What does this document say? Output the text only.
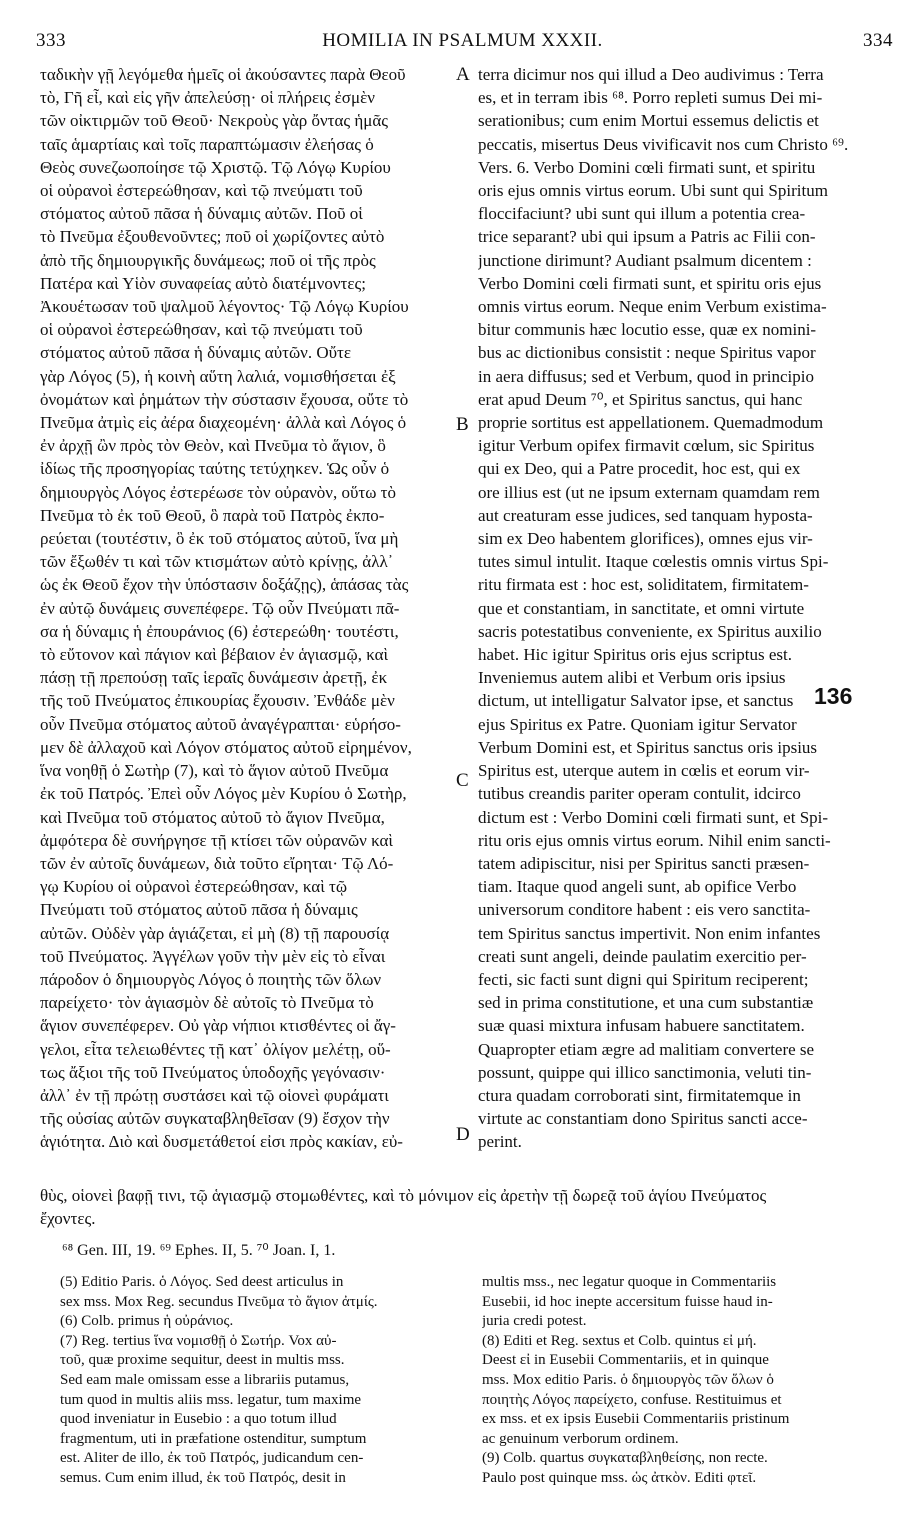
333	HOMILIA IN PSALMUM XXXII.	334
ταδικὴν γῇ λεγόμεθα ἡμεῖς οἱ ἀκούσαντες παρὰ Θεοῦ
τὸ, Γῆ εἶ, καὶ εἰς γῆν ἀπελεύσῃ· οἱ πλήρεις ἐσμὲν
τῶν οἰκτιρμῶν τοῦ Θεοῦ· Νεκροὺς γὰρ ὄντας ἡμᾶς
ταῖς ἁμαρτίαις καὶ τοῖς παραπτώμασιν ἐλεήσας ὁ
Θεὸς συνεζωοποίησε τῷ Χριστῷ. Τῷ Λόγῳ Κυρίου
οἱ οὐρανοὶ ἐστερεώθησαν, καὶ τῷ πνεύματι τοῦ
στόματος αὐτοῦ πᾶσα ἡ δύναμις αὐτῶν. Ποῦ οἱ
τὸ Πνεῦμα ἐξουθενοῦντες; ποῦ οἱ χωρίζοντες αὐτὸ
ἀπὸ τῆς δημιουργικῆς δυνάμεως; ποῦ οἱ τῆς πρὸς
Πατέρα καὶ Υἱὸν συναφείας αὐτὸ διατέμνοντες;
Ἀκουέτωσαν τοῦ ψαλμοῦ λέγοντος· Τῷ Λόγῳ Κυρίου
οἱ οὐρανοὶ ἐστερεώθησαν, καὶ τῷ πνεύματι τοῦ
στόματος αὐτοῦ πᾶσα ἡ δύναμις αὐτῶν. Οὔτε
γὰρ Λόγος (5), ἡ κοινὴ αὕτη λαλιά, νομισθήσεται ἐξ
ὀνομάτων καὶ ῥημάτων τὴν σύστασιν ἔχουσα, οὔτε τὸ
Πνεῦμα ἀτμὶς εἰς ἀέρα διαχεομένη· ἀλλὰ καὶ Λόγος ὁ
ἐν ἀρχῇ ὢν πρὸς τὸν Θεὸν, καὶ Πνεῦμα τὸ ἅγιον, ὃ
ἰδίως τῆς προσηγορίας ταύτης τετύχηκεν. Ὡς οὖν ὁ
δημιουργὸς Λόγος ἐστερέωσε τὸν οὐρανὸν, οὕτω τὸ
Πνεῦμα τὸ ἐκ τοῦ Θεοῦ, ὃ παρὰ τοῦ Πατρὸς ἐκπο-
ρεύεται (τουτέστιν, ὃ ἐκ τοῦ στόματος αὐτοῦ, ἵνα μὴ
τῶν ἔξωθέν τι καὶ τῶν κτισμάτων αὐτὸ κρίνῃς, ἀλλ᾿
ὡς ἐκ Θεοῦ ἔχον τὴν ὑπόστασιν δοξάζῃς), ἁπάσας τὰς
ἐν αὐτῷ δυνάμεις συνεπέφερε. Τῷ οὖν Πνεύματι πᾶ-
σα ἡ δύναμις ἡ ἐπουράνιος (6) ἐστερεώθη· τουτέστι,
τὸ εὔτονον καὶ πάγιον καὶ βέβαιον ἐν ἁγιασμῷ, καὶ
πάσῃ τῇ πρεπούσῃ ταῖς ἱεραῖς δυνάμεσιν ἀρετῇ, ἐκ
τῆς τοῦ Πνεύματος ἐπικουρίας ἔχουσιν. Ἐνθάδε μὲν
οὖν Πνεῦμα στόματος αὐτοῦ ἀναγέγραπται· εὑρήσο-
μεν δὲ ἀλλαχοῦ καὶ Λόγον στόματος αὐτοῦ εἰρημένον,
ἵνα νοηθῇ ὁ Σωτὴρ (7), καὶ τὸ ἅγιον αὐτοῦ Πνεῦμα
ἐκ τοῦ Πατρός. Ἐπεὶ οὖν Λόγος μὲν Κυρίου ὁ Σωτὴρ,
καὶ Πνεῦμα τοῦ στόματος αὐτοῦ τὸ ἅγιον Πνεῦμα,
ἀμφότερα δὲ συνήργησε τῇ κτίσει τῶν οὐρανῶν καὶ
τῶν ἐν αὐτοῖς δυνάμεων, διὰ τοῦτο εἴρηται· Τῷ Λό-
γῳ Κυρίου οἱ οὐρανοὶ ἐστερεώθησαν, καὶ τῷ
Πνεύματι τοῦ στόματος αὐτοῦ πᾶσα ἡ δύναμις
αὐτῶν. Οὐδὲν γὰρ ἁγιάζεται, εἰ μὴ (8) τῇ παρουσίᾳ
τοῦ Πνεύματος. Ἀγγέλων γοῦν τὴν μὲν εἰς τὸ εἶναι
πάροδον ὁ δημιουργὸς Λόγος ὁ ποιητὴς τῶν ὅλων
παρείχετο· τὸν ἁγιασμὸν δὲ αὐτοῖς τὸ Πνεῦμα τὸ
ἅγιον συνεπέφερεν. Οὐ γὰρ νήπιοι κτισθέντες οἱ ἄγ-
γελοι, εἶτα τελειωθέντες τῇ κατ᾿ ὀλίγον μελέτῃ, οὕ-
τως ἄξιοι τῆς τοῦ Πνεύματος ὑποδοχῆς γεγόνασιν·
ἀλλ᾿ ἐν τῇ πρώτῃ συστάσει καὶ τῷ οἱονεὶ φυράματι
τῆς οὐσίας αὐτῶν συγκαταβληθεῖσαν (9) ἔσχον τὴν
ἁγιότητα. Διὸ καὶ δυσμετάθετοί εἰσι πρὸς κακίαν, εὐ-
terra dicimur nos qui illud a Deo audivimus : Terra
es, et in terram ibis ⁶⁸. Porro repleti sumus Dei mi-
serationibus; cum enim Mortui essemus delictis et
peccatis, misertus Deus vivificavit nos cum Christo ⁶⁹.
Vers. 6. Verbo Domini cœli firmati sunt, et spiritu
oris ejus omnis virtus eorum. Ubi sunt qui Spiritum
floccifaciunt? ubi sunt qui illum a potentia crea-
trice separant? ubi qui ipsum a Patris ac Filii con-
junctione dirimunt? Audiant psalmum dicentem :
Verbo Domini cœli firmati sunt, et spiritu oris ejus
omnis virtus eorum. Neque enim Verbum existima-
bitur communis hæc locutio esse, quæ ex nomini-
bus ac dictionibus consistit : neque Spiritus vapor
in aera diffusus; sed et Verbum, quod in principio
erat apud Deum ⁷⁰, et Spiritus sanctus, qui hanc
proprie sortitus est appellationem. Quemadmodum
igitur Verbum opifex firmavit cœlum, sic Spiritus
qui ex Deo, qui a Patre procedit, hoc est, qui ex
ore illius est (ut ne ipsum externam quamdam rem
aut creaturam esse judices, sed tanquam hyposta-
sim ex Deo habentem glorifices), omnes ejus vir-
tutes simul intulit. Itaque cœlestis omnis virtus Spi-
ritu firmata est : hoc est, soliditatem, firmitatem-
que et constantiam, in sanctitate, et omni virtute
sacris potestatibus conveniente, ex Spiritus auxilio
habet. Hic igitur Spiritus oris ejus scriptus est.
Inveniemus autem alibi et Verbum oris ipsius
dictum, ut intelligatur Salvator ipse, et sanctus
ejus Spiritus ex Patre. Quoniam igitur Servator
Verbum Domini est, et Spiritus sanctus oris ipsius
Spiritus est, uterque autem in cœlis et eorum vir-
tutibus creandis pariter operam contulit, idcirco
dictum est : Verbo Domini cœli firmati sunt, et Spi-
ritu oris ejus omnis virtus eorum. Nihil enim sancti-
tatem adipiscitur, nisi per Spiritus sancti præsen-
tiam. Itaque quod angeli sunt, ab opifice Verbo
universorum conditore habent : eis vero sanctita-
tem Spiritus sanctus impertivit. Non enim infantes
creati sunt angeli, deinde paulatim exercitio per-
fecti, sic facti sunt digni qui Spiritum reciperent;
sed in prima constitutione, et una cum substantiæ
suæ quasi mixtura infusam habuere sanctitatem.
Quapropter etiam ægre ad malitiam convertere se
possunt, quippe qui illico sanctimonia, veluti tin-
ctura quadam corroborati sint, firmitatemque in
virtute ac constantiam dono Spiritus sancti acce-
perint.
A
B
C
D
136
θὺς, οἱονεὶ βαφῇ τινι, τῷ ἁγιασμῷ στομωθέντες, καὶ τὸ μόνιμον εἰς ἀρετὴν τῇ δωρεᾷ τοῦ ἁγίου Πνεύματος
ἔχοντες.
⁶⁸ Gen. III, 19. ⁶⁹ Ephes. II, 5. ⁷⁰ Joan. I, 1.
(5) Editio Paris. ὁ Λόγος. Sed deest articulus in
sex mss. Mox Reg. secundus Πνεῦμα τὸ ἅγιον ἀτμίς.
(6) Colb. primus ἡ οὐράνιος.
(7) Reg. tertius ἵνα νομισθῇ ὁ Σωτήρ. Vox αὐ-
τοῦ, quæ proxime sequitur, deest in multis mss.
Sed eam male omissam esse a librariis putamus,
tum quod in multis aliis mss. legatur, tum maxime
quod inveniatur in Eusebio : a quo totum illud
fragmentum, uti in præfatione ostenditur, sumptum
est. Aliter de illo, ἐκ τοῦ Πατρός, judicandum cen-
semus. Cum enim illud, ἐκ τοῦ Πατρός, desit in
multis mss., nec legatur quoque in Commentariis
Eusebii, id hoc inepte accersitum fuisse haud in-
juria credi potest.
(8) Editi et Reg. sextus et Colb. quintus εἰ μή.
Deest εἰ in Eusebii Commentariis, et in quinque
mss. Mox editio Paris. ὁ δημιουργὸς τῶν ὅλων ὁ
ποιητὴς Λόγος παρείχετο, confuse. Restituimus et
ex mss. et ex ipsis Eusebii Commentariis pristinum
ac genuinum verborum ordinem.
(9) Colb. quartus συγκαταβληθείσης, non recte.
Paulo post quinque mss. ὡς ἀτκὸν. Editi φτεῖ.
